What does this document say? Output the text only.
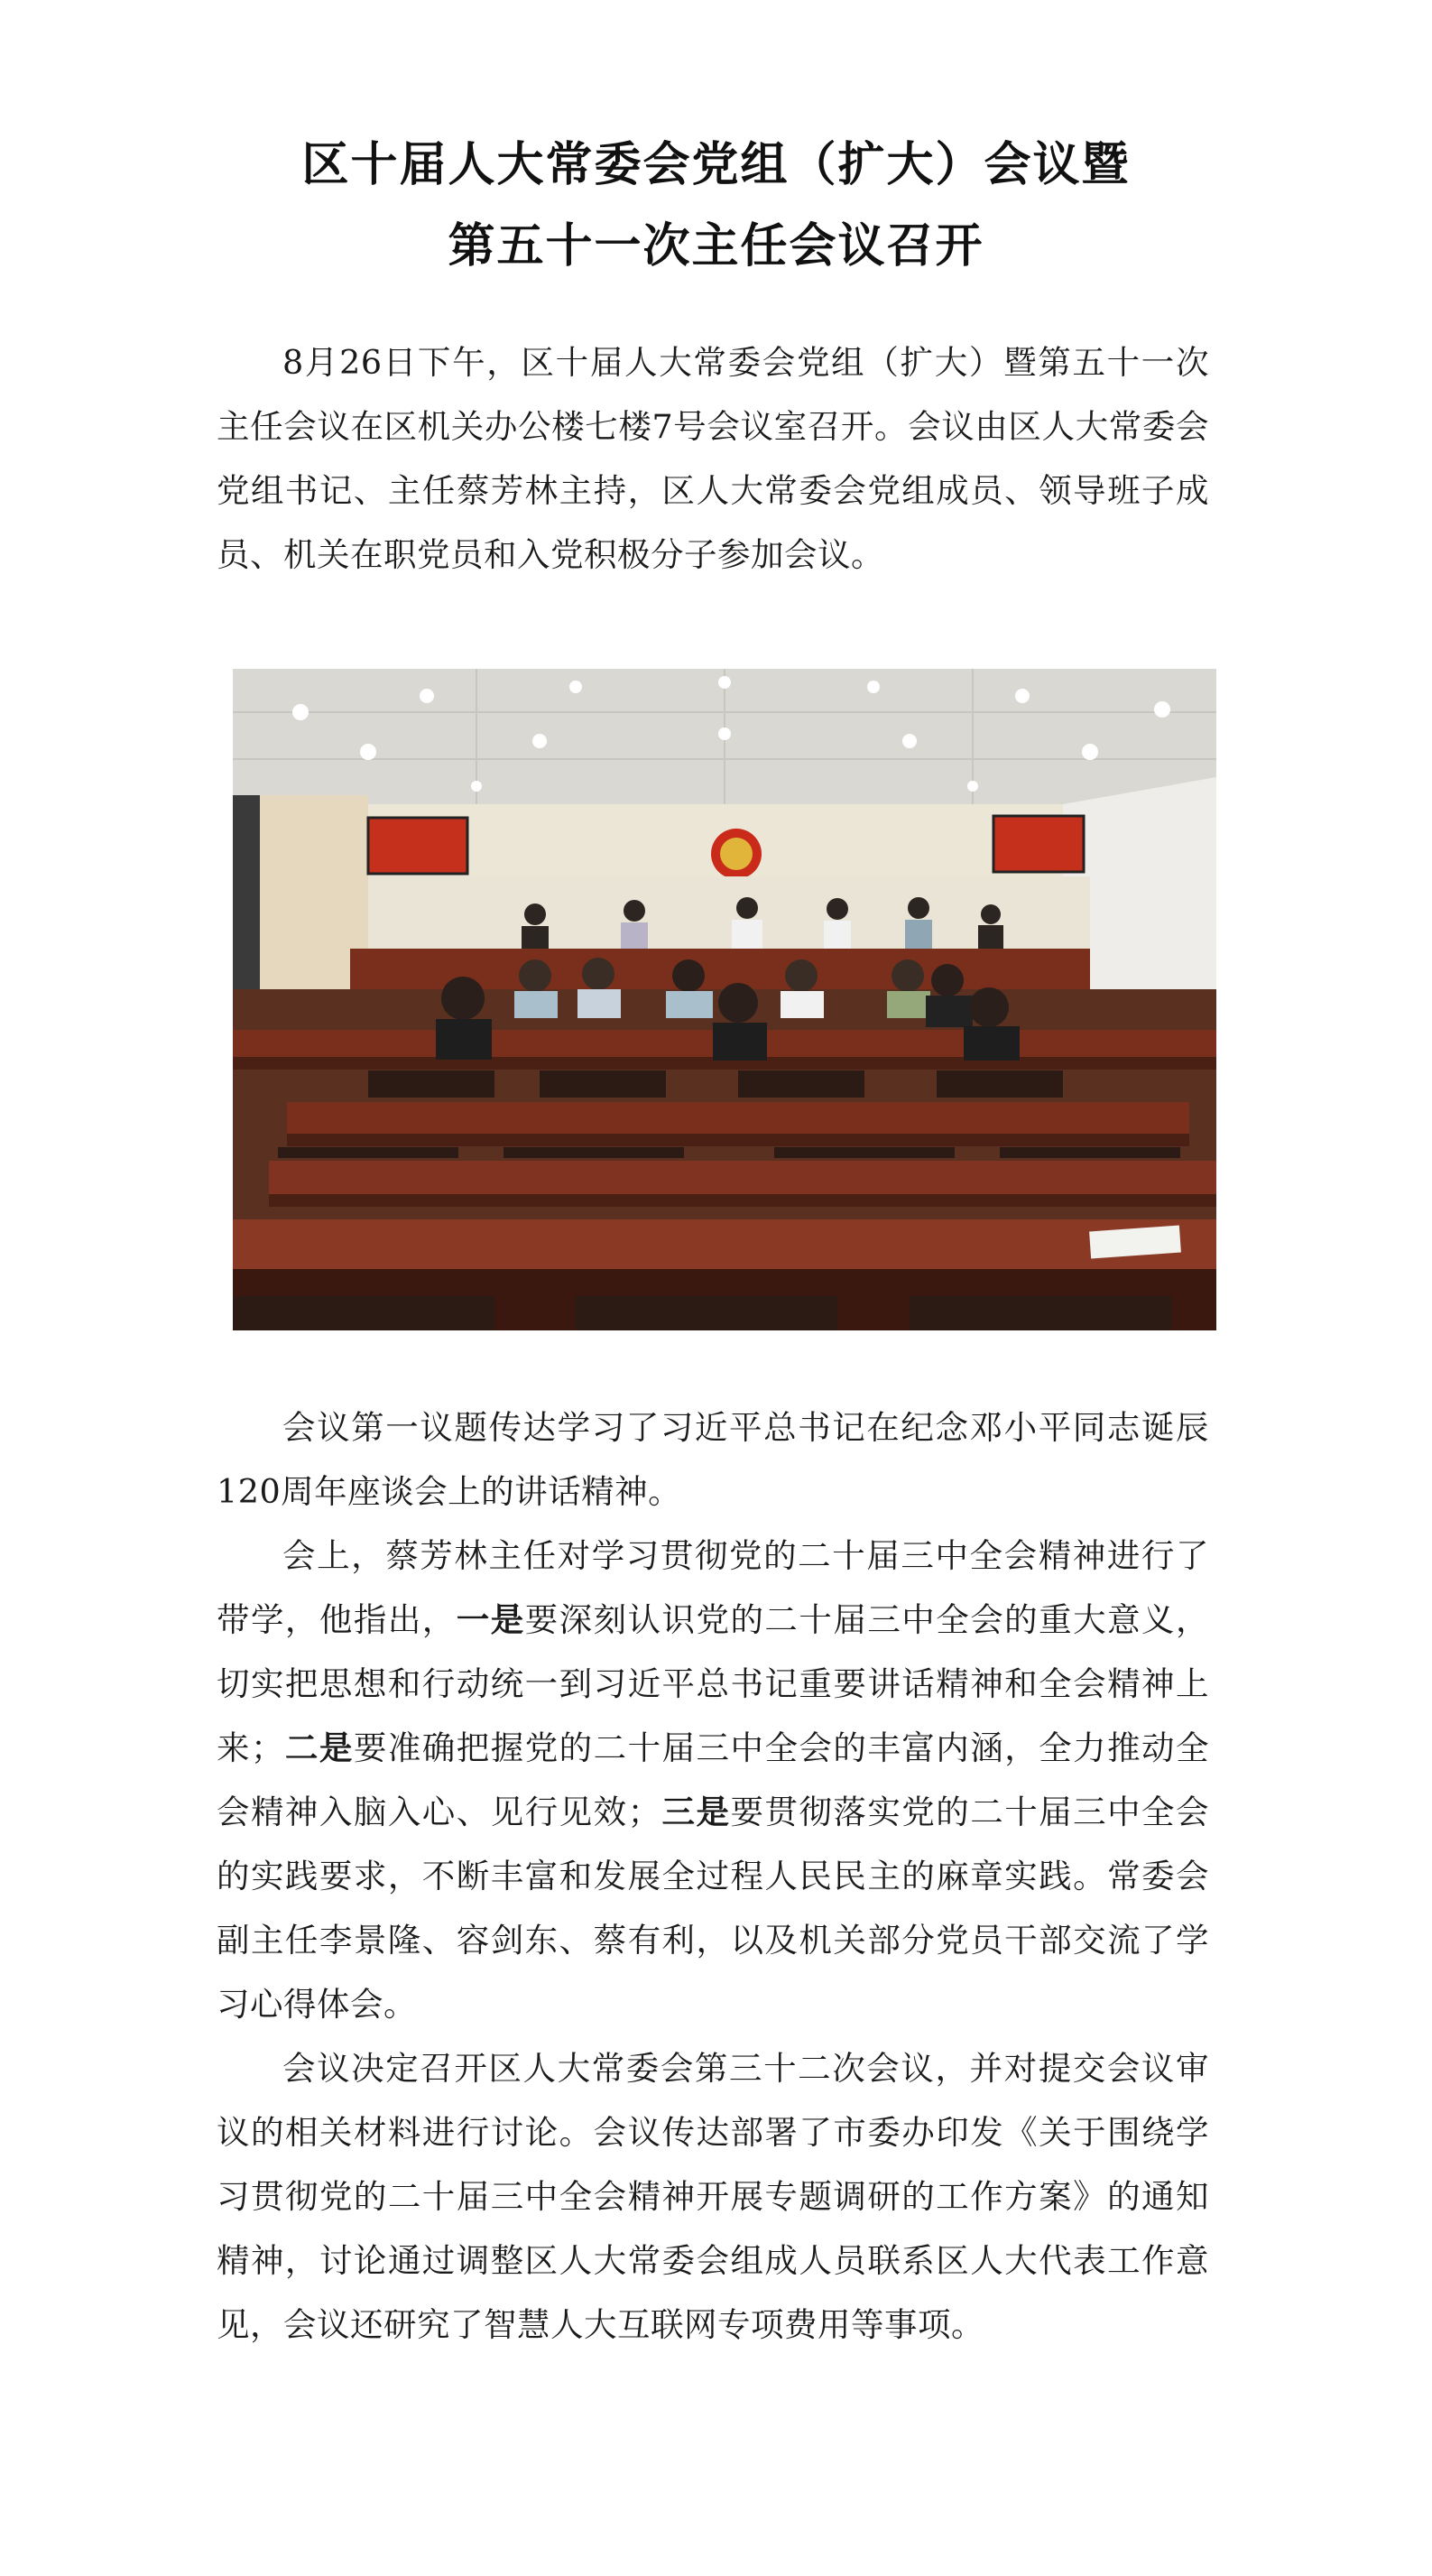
区十届人大常委会党组（扩大）会议暨
第五十一次主任会议召开

8月26日下午，区十届人大常委会党组（扩大）暨第五十一次主任会议在区机关办公楼七楼7号会议室召开。会议由区人大常委会党组书记、主任蔡芳林主持，区人大常委会党组成员、领导班子成员、机关在职党员和入党积极分子参加会议。

会议第一议题传达学习了习近平总书记在纪念邓小平同志诞辰120周年座谈会上的讲话精神。

会上，蔡芳林主任对学习贯彻党的二十届三中全会精神进行了带学，他指出，一是要深刻认识党的二十届三中全会的重大意义，切实把思想和行动统一到习近平总书记重要讲话精神和全会精神上来；二是要准确把握党的二十届三中全会的丰富内涵，全力推动全会精神入脑入心、见行见效；三是要贯彻落实党的二十届三中全会的实践要求，不断丰富和发展全过程人民民主的麻章实践。常委会副主任李景隆、容剑东、蔡有利，以及机关部分党员干部交流了学习心得体会。

会议决定召开区人大常委会第三十二次会议，并对提交会议审议的相关材料进行讨论。会议传达部署了市委办印发《关于围绕学习贯彻党的二十届三中全会精神开展专题调研的工作方案》的通知精神，讨论通过调整区人大常委会组成人员联系区人大代表工作意见，会议还研究了智慧人大互联网专项费用等事项。
